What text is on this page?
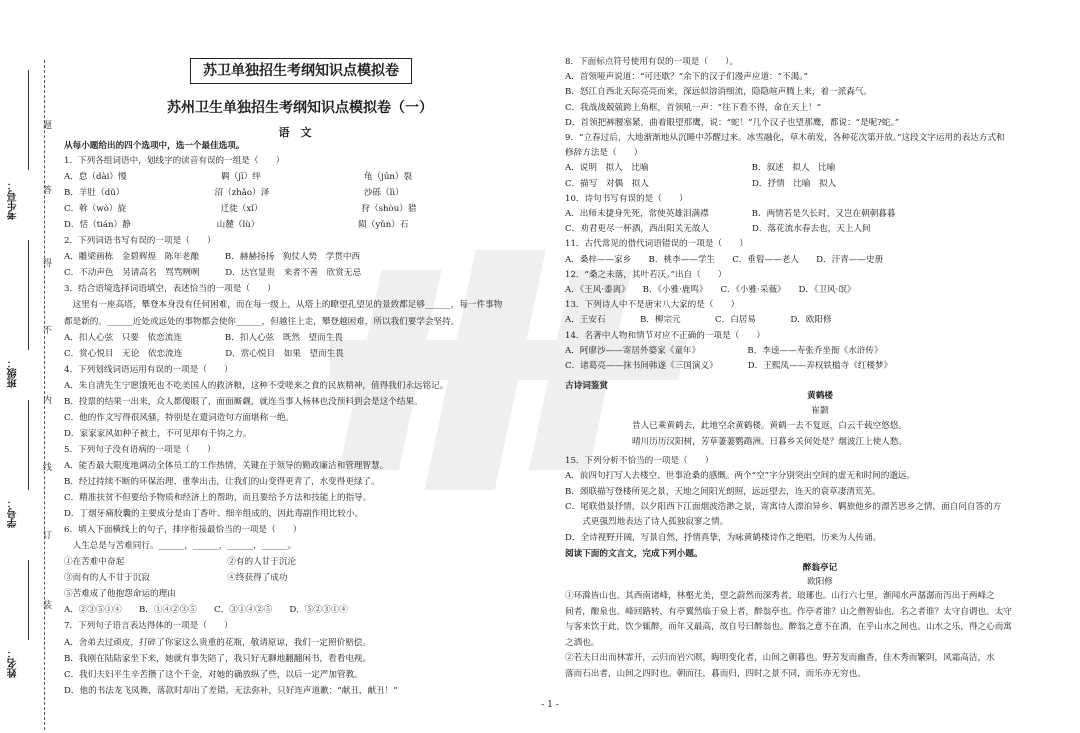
考生号：
班级：
学号：
姓名：
题
答
得
不
内
线
订
装
苏卫单独招生考纲知识点模拟卷
苏州卫生单独招生考纲知识点模拟卷（一）
语　文
从每小题给出的四个选项中，选一个最佳选项。
1．下列各组词语中，划线字的读音有误的一组是（　　）
A．怠（dài）慢　　　　　　　　　　　羁（jī）绊　　　　　　　　　　　　龟（jūn）裂
B．羊肚（dǔ）　　　　　　　　　　　沼（zhǎo）泽　　　　　　　　　　　沙砾（lì）
C．斡（wò）旋　　　　　　　　　　　迁徙（xǐ）　　　　　　　　　　　　狩（shòu）猎
D．恬（tián）静　　　　　　　　　　山麓（lù）　　　　　　　　　　　　陨（yǔn）石
2．下列词语书写有误的一项是（　　）
A．雕梁画栋　金碧辉煌　陈年老酿　　　B．赫赫扬扬　狗仗人势　学贯中西
C．不动声色　另请高名　骂骂咧咧　　　D．达官显贵　来者不善　欣赏无忌
3．结合语境选择词语填空，表述恰当的一项是（　　）
　这里有一座高塔，攀登本身没有任何困难，而在每一级上，从塔上的瞭望孔望见的景致都足够______，每一件事物
都是新的。______近处或远处的事物都会使你______，但越往上走，攀登越困难，所以我们要学会坚持。
A．扣人心弦　只要　依恋流连　　　　　B．扣人心弦　既然　望而生畏
C．赏心悦目　无论　依恋流连　　　　　D．赏心悦目　如果　望而生畏
4．下列划线词语运用有误的一项是（　　）
A．朱自清先生宁愿饿死也不吃美国人的救济粮，这种不受嗟来之食的民族精神，值得我们永远铭记。
B．投票的结果一出来，众人都傻眼了，面面厮觑，就连当事人杨林也没预料到会是这个结果。
C．他的作文写得很风骚，特别是在遣词造句方面堪称一绝。
D．家家家风如种子被土，不可见却有千钧之力。
5．下列句子没有语病的一项是（　　）
A．能否最大限度地调动全体员工的工作热情，关键在于领导的勤政廉洁和管理智慧。
B．经过持续不断的环保治理、重拳出击，让我们的山变得更青了，水变得更绿了。
C．精准扶贫不但要给予物质和经济上的帮助，而且要给予方法和技能上的指导。
D．丁烟牙痛胶囊的主要成分是由丁香叶、细辛组成的，因此毒副作用比较小。
6．填入下面横线上的句子，排序衔接最恰当的一项是（　　）
　人生总是与苦难同行。______，______，______，______。
①在苦难中奋起　　　　　　　　　　　　②有的人甘于沉沦
③而有的人不甘于沉寂　　　　　　　　　④终获得了成功
⑤苦难成了他抱怨命运的理由
A．②③⑤①④　　B．①④②③⑤　　C．③①④②⑤　　D．⑤②③①④
7．下列句子语言表达得体的一项是（　　）
A．舍弟去过顽皮，打碎了你家这么贵重的花瓶，敬请原谅，我们一定照价赔偿。
B．我刚在陆陆家坐下来，她就有事失陪了，我只好无聊地翻翻闲书，看看电视。
C．我们夫妇平生辛苦攒了这个千金，对她的确放纵了些，以后一定严加管教。
D．他的书法龙飞凤舞，落款时却出了差错，无法弥补，只好连声道歉：“献丑，献丑！”
8．下面标点符号使用有误的一项是（　　）。
A．首领哑声说道：“可还歇？”余下的汉子们漫声应道：“不渴。”
B．怒江自西北天际亮亮而来，深远似溶消细流，隐隐喧声腾上来，着一派森气。
C．我战战兢兢跨上角框，首领吼一声：“往下看不得，命在天上！”
D．首领把裤腰塞紧，曲着眼望那鹰，说：“蛇！”几个汉子也望那鹰，都说：“是呢?蛇。”
9．“立春过后，大地渐渐地从沉睡中苏醒过来。冰雪融化，草木萌发，各种花次第开放。”这段文字运用的表达方式和
修辞方法是（　　）
A．说明　拟人　比喻　　　　　　　　　　　　B．叙述　拟人　比喻
C．描写　对偶　拟人　　　　　　　　　　　　D．抒情　比喻　拟人
10．诗句书写有误的是（　　）
A．出师未捷身先死，常使英雄泪满襟　　　　　B．两情若是久长时，又岂在朝朝暮暮
C．劝君更尽一杯酒，西出阳关无故人　　　　　D．落花流水春去也，天上人间
11．古代常见的借代词语错误的一项是（　　）
A．桑梓——家乡　　B．桃李——学生　　C．垂髫——老人　　D．汗青——史册
12．“桑之未落，其叶若沃。”出自（　　）
A．《王风·黍离》　　B．《小雅·鹿鸣》　　C．《小雅·采薇》　　D．《卫风·氓》
13．下列诗人中不是唐宋八大家的是（　　）
A．王安石　　　　B．柳宗元　　　　C．白居易　　　　D．欧阳修
14．名著中人物和情节对应不正确的一项是（　　）
A．阿廖沙——寄居外婆家《童年》　　　　　　B．李逵——寿张乔坐衙《水浒传》
C．诸葛亮——抹书间韩遂《三国演义》　　　　D．王熙凤——弄权铁槛寺《红楼梦》
古诗词鉴赏
黄鹤楼
崔颢
昔人已乘黄鹤去，此地空余黄鹤楼。黄鹤一去不复返，白云千载空悠悠。
晴川历历汉阳树，芳草萋萋鹦鹉洲。日暮乡关何处是？烟波江上使人愁。
15．下列分析不恰当的一项是（　　）
A．前四句打写人去楼空、世事沧桑的感慨。两个“空”字分别突出空间的虚无和时间的邈远。
B．颈联描写登楼所见之景，天地之间阳光朗照，远远望去，连天的衰草凄清荒芜。
C．尾联借景抒情，以夕阳西下江面烟波浩渺之景，寄寓诗人漂泊异乡、羁旅他乡的漂苦思乡之情，面自问自答的方
　　式更强烈地表达了诗人孤独寂寥之情。
D．全诗视野开阔，写景自然，抒情真挚，为咏黄鹤楼诗作之绝唱，历来为人传诵。
阅读下面的文言文，完成下列小题。
醉翁亭记
欧阳修
①环滁皆山也。其西南诸峰，林壑尤美，望之蔚然而深秀者，琅琊也。山行六七里，渐闻水声潺潺而泻出于两峰之
间者，酿泉也。峰回路转，有亭翼然临于泉上者，醉翁亭也。作亭者谁？山之僧智仙也。名之者谁？太守自谓也。太守
与客来饮于此，饮少辄醉，而年又最高，故自号曰醉翁也。醉翁之意不在酒，在乎山水之间也。山水之乐，得之心而寓
之酒也。
②若夫日出而林霏开，云归而岩穴暝，晦明变化者，山间之朝暮也。野芳发而幽香，佳木秀而繁阴，风霜高洁，水
落而石出者，山间之四时也。朝而往，暮而归，四时之景不同，而乐亦无穷也。
- 1 -
